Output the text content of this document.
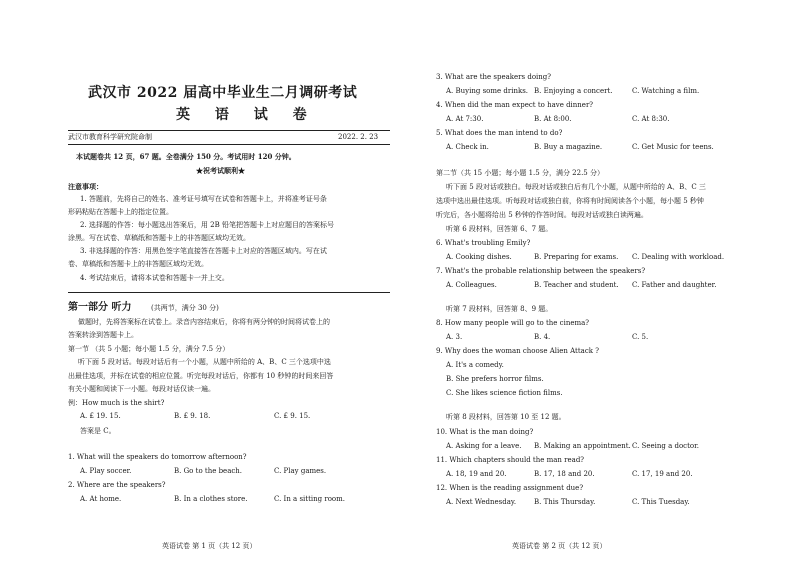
武汉市 2022 届高中毕业生二月调研考试
英 语 试 卷
武汉市教育科学研究院命制	2022. 2. 23
本试题卷共 12 页，67 题。全卷满分 150 分。考试用时 120 分钟。
★祝考试顺利★
注意事项：
1. 答题前，先将自己的姓名、准考证号填写在试卷和答题卡上，并将准考证号条
形码粘贴在答题卡上的指定位置。
2. 选择题的作答：每小题选出答案后，用 2B 铅笔把答题卡上对应题目的答案标号
涂黑。写在试卷、草稿纸和答题卡上的非答题区域均无效。
3. 非选择题的作答：用黑色签字笔直接答在答题卡上对应的答题区域内。写在试
卷、草稿纸和答题卡上的非答题区域均无效。
4. 考试结束后，请将本试卷和答题卡一并上交。
第一部分 听力	(共两节，满分 30 分)
做题时，先将答案标在试卷上。录音内容结束后，你将有两分钟的时间将试卷上的
答案转涂到答题卡上。
第一节 （共 5 小题；每小题 1.5 分，满分 7.5 分）
听下面 5 段对话。每段对话后有一个小题，从题中所给的 A、B、C 三个选项中选
出最佳选项，并标在试卷的相应位置。听完每段对话后，你都有 10 秒钟的时间来回答
有关小题和阅读下一小题。每段对话仅读一遍。
例：How much is the shirt?
A. £ 19. 15.	B. £ 9. 18.	C. £ 9. 15.
答案是 C。
1. What will the speakers do tomorrow afternoon?
A. Play soccer.	B. Go to the beach.	C. Play games.
2. Where are the speakers?
A. At home.	B. In a clothes store.	C. In a sitting room.
英语试卷 第 1 页（共 12 页）
3. What are the speakers doing?
A. Buying some drinks. B. Enjoying a concert.	C. Watching a film.
4. When did the man expect to have dinner?
A. At 7:30.	B. At 8:00.	C. At 8:30.
5. What does the man intend to do?
A. Check in.	B. Buy a magazine.	C. Get Music for teens.
第二节（共 15 小题；每小题 1.5 分，满分 22.5 分）
听下面 5 段对话或独白。每段对话或独白后有几个小题，从题中所给的 A、B、C 三
选项中选出最佳选项。听每段对话或独白前，你将有时间阅读各个小题，每小题 5 秒钟
听完后，各小题将给出 5 秒钟的作答时间。每段对话或独白读两遍。
听第 6 段材料，回答第 6、7 题。
6. What's troubling Emily?
A. Cooking dishes.	B. Preparing for exams. C. Dealing with workload.
7. What's the probable relationship between the speakers?
A. Colleagues.	B. Teacher and student. C. Father and daughter.
听第 7 段材料，回答第 8、9 题。
8. How many people will go to the cinema?
A. 3.	B. 4.	C. 5.
9. Why does the woman choose Alien Attack ?
A. It's a comedy.
B. She prefers horror films.
C. She likes science fiction films.
听第 8 段材料，回答第 10 至 12 题。
10. What is the man doing?
A. Asking for a leave. B. Making an appointment. C. Seeing a doctor.
11. Which chapters should the man read?
A. 18, 19 and 20.	B. 17, 18 and 20.	C. 17, 19 and 20.
12. When is the reading assignment due?
A. Next Wednesday.	B. This Thursday.	C. This Tuesday.
英语试卷 第 2 页（共 12 页）
